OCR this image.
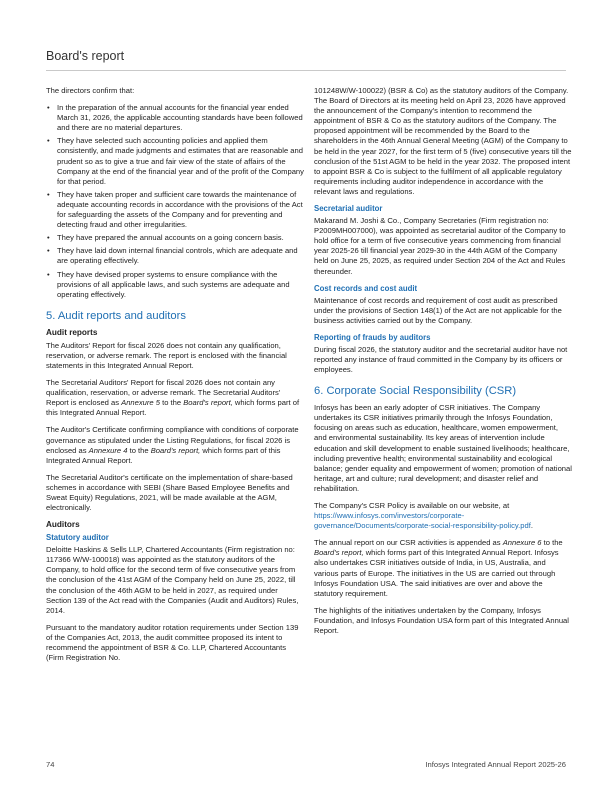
Board's report

The directors confirm that:

• In the preparation of the annual accounts for the financial year ended March 31, 2026, the applicable accounting standards have been followed and there are no material departures.
• They have selected such accounting policies and applied them consistently, and made judgments and estimates that are reasonable and prudent so as to give a true and fair view of the state of affairs of the Company at the end of the financial year and of the profit of the Company for that period.
• They have taken proper and sufficient care towards the maintenance of adequate accounting records in accordance with the provisions of the Act for safeguarding the assets of the Company and for preventing and detecting fraud and other irregularities.
• They have prepared the annual accounts on a going concern basis.
• They have laid down internal financial controls, which are adequate and are operating effectively.
• They have devised proper systems to ensure compliance with the provisions of all applicable laws, and such systems are adequate and operating effectively.
5. Audit reports and auditors
Audit reports

The Auditors' Report for fiscal 2026 does not contain any qualification, reservation, or adverse remark. The report is enclosed with the financial statements in this Integrated Annual Report.

The Secretarial Auditors' Report for fiscal 2026 does not contain any qualification, reservation, or adverse remark. The Secretarial Auditors' Report is enclosed as Annexure 5 to the Board's report, which forms part of this Integrated Annual Report.

The Auditor's Certificate confirming compliance with conditions of corporate governance as stipulated under the Listing Regulations, for fiscal 2026 is enclosed as Annexure 4 to the Board's report, which forms part of this Integrated Annual Report.

The Secretarial Auditor's certificate on the implementation of share-based schemes in accordance with SEBI (Share Based Employee Benefits and Sweat Equity) Regulations, 2021, will be made available at the AGM, electronically.

Auditors
Statutory auditor

Deloitte Haskins & Sells LLP, Chartered Accountants (Firm registration no: 117366 W/W-100018) was appointed as the statutory auditors of the Company, to hold office for the second term of five consecutive years from the conclusion of the 41st AGM of the Company held on June 25, 2022, till the conclusion of the 46th AGM to be held in 2027, as required under Section 139 of the Act read with the Companies (Audit and Auditors) Rules, 2014.

Pursuant to the mandatory auditor rotation requirements under Section 139 of the Companies Act, 2013, the audit committee proposed its intent to recommend the appointment of BSR & Co. LLP, Chartered Accountants (Firm Registration No.

101248W/W-100022) (BSR & Co) as the statutory auditors of the Company. The Board of Directors at its meeting held on April 23, 2026 have approved the announcement of the Company's intention to recommend the appointment of BSR & Co as the statutory auditors of the Company. The proposed appointment will be recommended by the Board to the shareholders in the 46th Annual General Meeting (AGM) of the Company to be held in the year 2027, for the first term of 5 (five) consecutive years till the conclusion of the 51st AGM to be held in the year 2032. The proposed intent to appoint BSR & Co is subject to the fulfilment of all applicable regulatory requirements including auditor independence in accordance with the relevant laws and regulations.

Secretarial auditor

Makarand M. Joshi & Co., Company Secretaries (Firm registration no: P2009MH007000), was appointed as secretarial auditor of the Company to hold office for a term of five consecutive years commencing from financial year 2025-26 till financial year 2029-30 in the 44th AGM of the Company held on June 25, 2025, as required under Section 204 of the Act and Rules thereunder.

Cost records and cost audit

Maintenance of cost records and requirement of cost audit as prescribed under the provisions of Section 148(1) of the Act are not applicable for the business activities carried out by the Company.

Reporting of frauds by auditors

During fiscal 2026, the statutory auditor and the secretarial auditor have not reported any instance of fraud committed in the Company by its officers or employees.

6. Corporate Social Responsibility (CSR)

Infosys has been an early adopter of CSR initiatives. The Company undertakes its CSR initiatives primarily through the Infosys Foundation, focusing on areas such as education, healthcare, women empowerment, and environmental sustainability. Its key areas of intervention include education and skill development to enable sustained livelihoods; healthcare, including preventive health; environmental sustainability and ecological balance; gender equality and empowerment of women; promotion of national heritage, art and culture; rural development; and disaster relief and rehabilitation.

The Company's CSR Policy is available on our website, at https://www.infosys.com/investors/corporate-governance/Documents/corporate-social-responsibility-policy.pdf.

The annual report on our CSR activities is appended as Annexure 6 to the Board's report, which forms part of this Integrated Annual Report. Infosys also undertakes CSR initiatives outside of India, in US, Australia, and various parts of Europe. The initiatives in the US are carried out through Infosys Foundation USA. The said initiatives are over and above the statutory requirement.

The highlights of the initiatives undertaken by the Company, Infosys Foundation, and Infosys Foundation USA form part of this Integrated Annual Report.

74	Infosys Integrated Annual Report 2025-26
